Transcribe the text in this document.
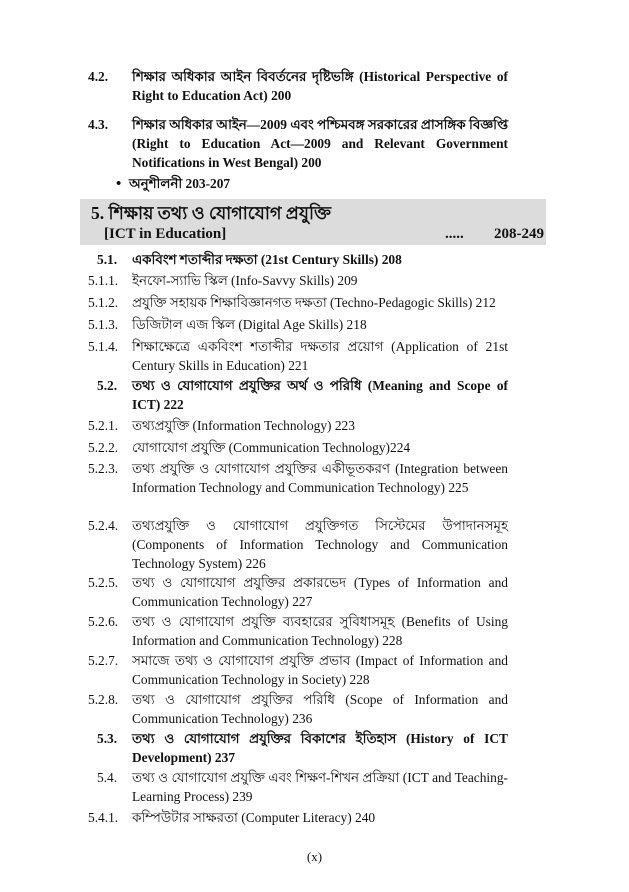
4.2. শিক্ষার অধিকার আইন বিবর্তনের দৃষ্টিভঙ্গি (Historical Perspective of Right to Education Act) 200
4.3. শিক্ষার অধিকার আইন—2009 এবং পশ্চিমবঙ্গ সরকারের প্রাসঙ্গিক বিজ্ঞপ্তি (Right to Education Act—2009 and Relevant Government Notifications in West Bengal) 200
• অনুশীলনী 203-207
5. শিক্ষায় তথ্য ও যোগাযোগ প্রযুক্তি
[ICT in Education]	..... 208-249
5.1. একবিংশ শতাব্দীর দক্ষতা (21st Century Skills) 208
5.1.1. ইনফো-স্যাভি স্কিল (Info-Savvy Skills) 209
5.1.2. প্রযুক্তি সহায়ক শিক্ষাবিজ্ঞানগত দক্ষতা (Techno-Pedagogic Skills) 212
5.1.3. ডিজিটাল এজ স্কিল (Digital Age Skills) 218
5.1.4. শিক্ষাক্ষেত্রে একবিংশ শতাব্দীর দক্ষতার প্রয়োগ (Application of 21st Century Skills in Education) 221
5.2. তথ্য ও যোগাযোগ প্রযুক্তির অর্থ ও পরিধি (Meaning and Scope of ICT) 222
5.2.1. তথ্যপ্রযুক্তি (Information Technology) 223
5.2.2. যোগাযোগ প্রযুক্তি (Communication Technology)224
5.2.3. তথ্য প্রযুক্তি ও যোগাযোগ প্রযুক্তির একীভূতকরণ (Integration between Information Technology and Communication Technology) 225
5.2.4. তথ্যপ্রযুক্তি ও যোগাযোগ প্রযুক্তিগত সিস্টেমের উপাদানসমূহ (Components of Information Technology and Communication Technology System) 226
5.2.5. তথ্য ও যোগাযোগ প্রযুক্তির প্রকারভেদ (Types of Information and Communication Technology) 227
5.2.6. তথ্য ও যোগাযোগ প্রযুক্তি ব্যবহারের সুবিধাসমূহ (Benefits of Using Information and Communication Technology) 228
5.2.7. সমাজে তথ্য ও যোগাযোগ প্রযুক্তি প্রভাব (Impact of Information and Communication Technology in Society) 228
5.2.8. তথ্য ও যোগাযোগ প্রযুক্তির পরিধি (Scope of Information and Communication Technology) 236
5.3. তথ্য ও যোগাযোগ প্রযুক্তির বিকাশের ইতিহাস (History of ICT Development) 237
5.4. তথ্য ও যোগাযোগ প্রযুক্তি এবং শিক্ষণ-শিখন প্রক্রিয়া (ICT and Teaching-Learning Process) 239
5.4.1. কম্পিউটার সাক্ষরতা (Computer Literacy) 240
(x)
